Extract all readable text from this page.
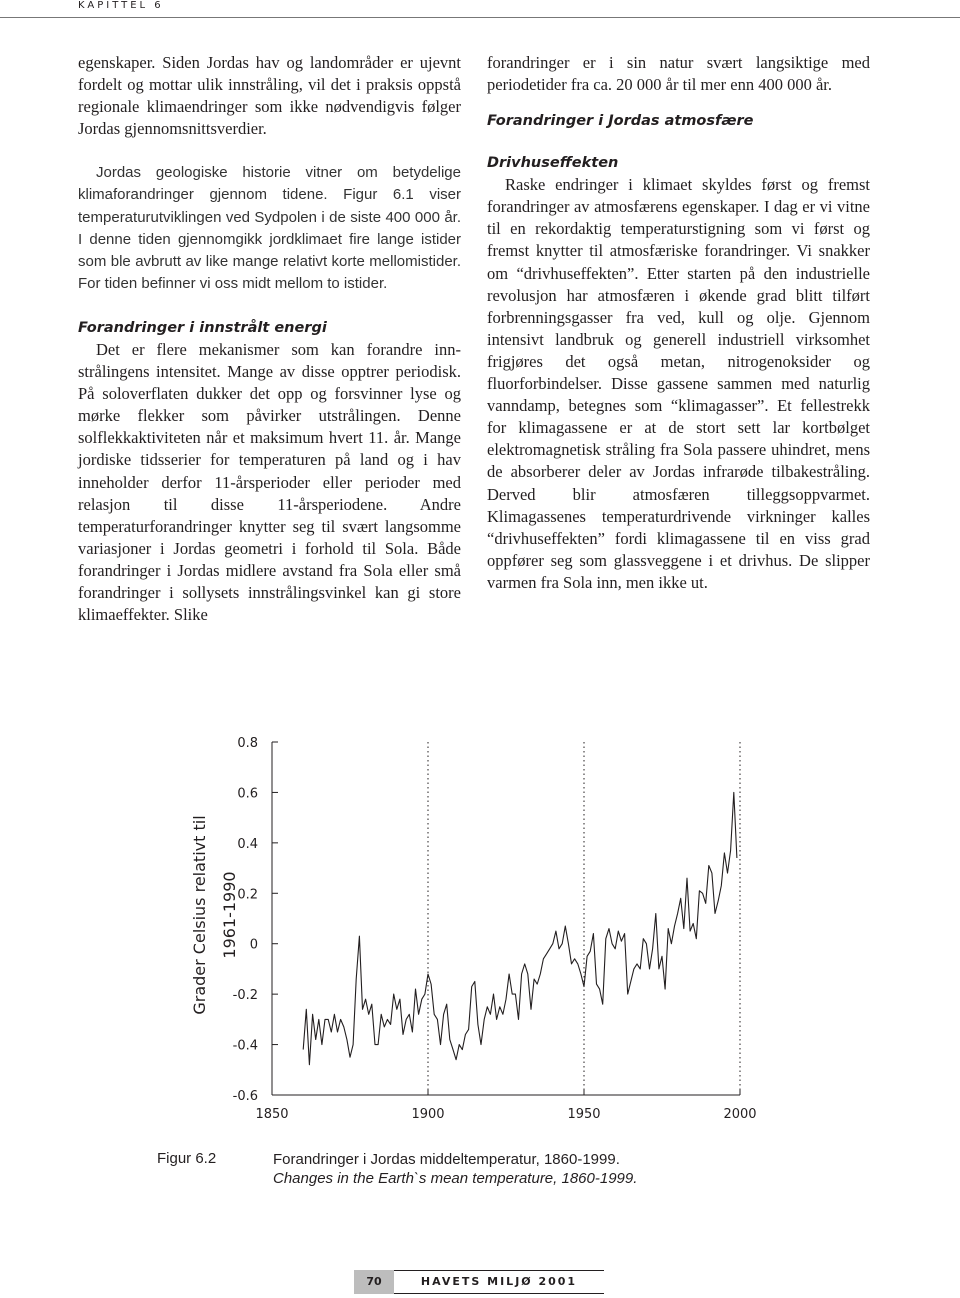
KAPITTEL 6

egenskaper. Siden Jordas hav og landområder er ujevnt fordelt og mottar ulik innstråling, vil det i praksis oppstå regionale klimaendringer som ikke nødvendigvis følger Jordas gjennomsnittsverdier.

Jordas geologiske historie vitner om betydelige klimaforandringer gjennom tidene. Figur 6.1 viser temperaturutviklingen ved Sydpolen i de siste 400 000 år. I denne tiden gjennomgikk jordklimaet fire lange istider som ble avbrutt av like mange relativt korte mellomistider. For tiden befinner vi oss midt mellom to istider.

Forandringer i innstrålt energi

Det er flere mekanismer som kan forandre inn-strålingens intensitet. Mange av disse opptrer periodisk. På soloverflaten dukker det opp og forsvinner lyse og mørke flekker som påvirker utstrålingen. Denne solflekkaktiviteten når et maksimum hvert 11. år. Mange jordiske tidsserier for temperaturen på land og i hav inneholder derfor 11-årsperioder eller perioder med relasjon til disse 11-årsperiodene. Andre temperaturforandringer knytter seg til svært langsomme variasjoner i Jordas geometri i forhold til Sola. Både forandringer i Jordas midlere avstand fra Sola eller små forandringer i sollysets innstrålingsvinkel kan gi store klimaeffekter. Slike

forandringer er i sin natur svært langsiktige med periodetider fra ca. 20 000 år til mer enn 400 000 år.

Forandringer i Jordas atmosfære
Drivhuseffekten

Raske endringer i klimaet skyldes først og fremst forandringer av atmosfærens egenskaper. I dag er vi vitne til en rekordaktig temperaturstigning som vi først og fremst knytter til atmosfæriske forandringer. Vi snakker om “drivhuseffekten”. Etter starten på den industrielle revolusjon har atmosfæren i økende grad blitt tilført forbrenningsgasser fra ved, kull og olje. Gjennom intensivt landbruk og generell industriell virksomhet frigjøres det også metan, nitrogenoksider og fluorforbindelser. Disse gassene sammen med naturlig vanndamp, betegnes som “klimagasser”. Et fellestrekk for klimagassene er at de stort sett lar kortbølget elektromagnetisk stråling fra Sola passere uhindret, mens de absorberer deler av Jordas infrarøde tilbakestråling. Derved blir atmosfæren tilleggsoppvarmet. Klimagassenes temperaturdrivende virkninger kalles “drivhuseffekten” fordi klimagassene til en viss grad oppfører seg som glassveggene i et drivhus. De slipper varmen fra Sola inn, men ikke ut.

0.8
0.6
0.4
0.2
0
-0.2
-0.4
-0.6
1850	1900	1950	2000
Grader Celsius relativt til 1961-1990
Figur 6.2	Forandringer i Jordas middeltemperatur, 1860-1999.
Changes in the Earth`s mean temperature, 1860-1999.
70	HAVETS MILJØ 2001
